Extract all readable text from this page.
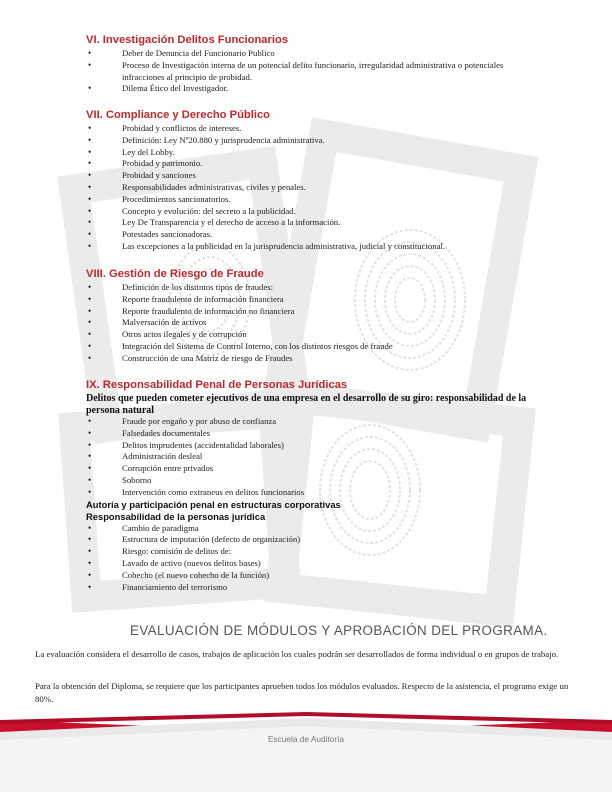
VI. Investigación Delitos Funcionarios
• Deber de Denuncia del Funcionario Publico
• Proceso de Investigación interna de un potencial delito funcionario, irregularidad administrativa o potenciales infracciones al principio de probidad.
• Dilema Ético del Investigador.
VII. Compliance y Derecho Público
• Probidad y conflictos de intereses.
• Definición: Ley Nº20.880 y jurisprudencia administrativa.
• Ley del Lobby.
• Probidad y patrimonio.
• Probidad y sanciones
• Responsabilidades administrativas, civiles y penales.
• Procedimientos sancionatorios.
• Concepto y evolución: del secreto a la publicidad.
• Ley De Transparencia y el derecho de acceso a la información.
• Potestades sancionadoras.
• Las excepciones a la publicidad en la jurisprudencia administrativa, judicial y constitucional.
VIII. Gestión de Riesgo de Fraude
• Definición de los distintos tipos de fraudes:
• Reporte fraudulento de información financiera
• Reporte fraudulento de información no financiera
• Malversación de activos
• Otros actos ilegales y de corrupción
• Integración del Sistema de Control Interno, con los distintos riesgos de fraude
• Construcción de una Matriz de riesgo de Fraudes
IX. Responsabilidad Penal de Personas Jurídicas
Delitos que pueden cometer ejecutivos de una empresa en el desarrollo de su giro: responsabilidad de la persona natural
• Fraude por engaño y por abuso de confianza
• Falsedades documentales
• Delitos imprudentes (accidentalidad laborales)
• Administración desleal
• Corrupción entre privados
• Soborno
• Intervención como extraneus en delitos funcionarios
Autoría y participación penal en estructuras corporativas
Responsabilidad de la personas jurídica
• Cambio de paradigma
• Estructura de imputación (defecto de organización)
• Riesgo: comisión de delitos de:
• Lavado de activo (nuevos delitos bases)
• Cohecho (el nuevo cohecho de la función)
• Financiamiento del terrorismo
EVALUACIÓN DE MÓDULOS Y APROBACIÓN DEL PROGRAMA.
La evaluación considera el desarrollo de casos, trabajos de aplicación los cuales podrán ser desarrollados de forma individual o en grupos de trabajo.
Para la obtención del Diploma, se requiere que los participantes aprueben todos los módulos evaluados. Respecto de la asistencia, el programa exige un 80%.
Escuela de Auditoría
